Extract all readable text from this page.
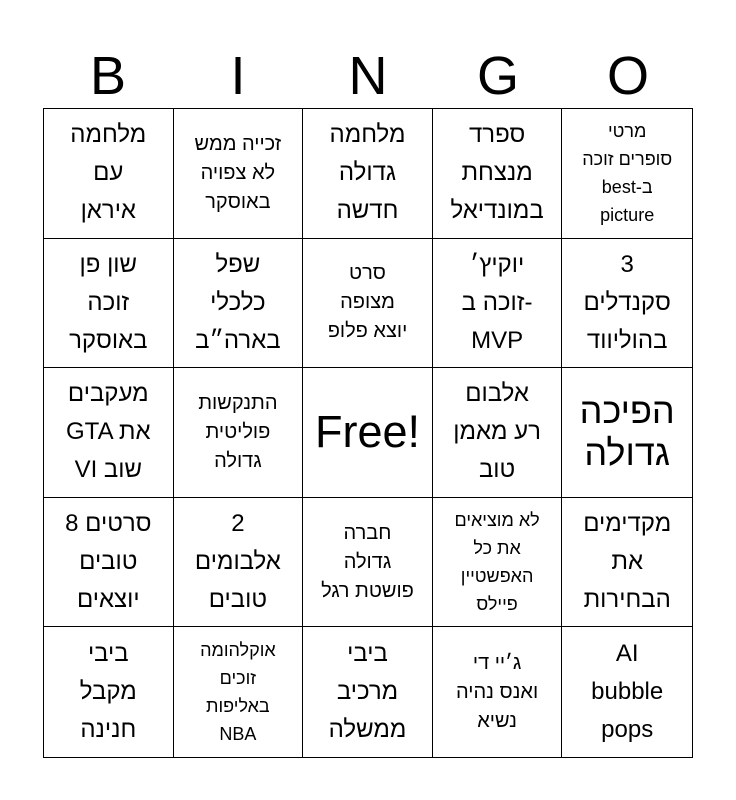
B	I	N	G	O
מלחמה
עם
איראן
זכייה ממש
לא צפויה
באוסקר
מלחמה
גדולה
חדשה
ספרד
מנצחת
במונדיאל
מרטי
סופרים זוכה
ב-best
picture
שון פן
זוכה
באוסקר
שפל
כלכלי
בארה״ב
סרט
מצופה
יוצא פלופ
יוקיץ׳
-זוכה ב
MVP
3
סקנדלים
בהוליווד
מעקבים
GTA את
שוב VI
התנקשות
פוליטית
גדולה
Free!
אלבום
רע מאמן
טוב
הפיכה
גדולה
סרטים 8
טובים
יוצאים
2
אלבומים
טובים
חברה
גדולה
פושטת רגל
לא מוציאים
את כל
האפשטיין
פיילס
מקדימים
את
הבחירות
ביבי
מקבל
חנינה
אוקלהומה
זוכים
באליפות
NBA
ביבי
מרכיב
ממשלה
ג׳יי די
ואנס נהיה
נשיא
AI
bubble
pops
